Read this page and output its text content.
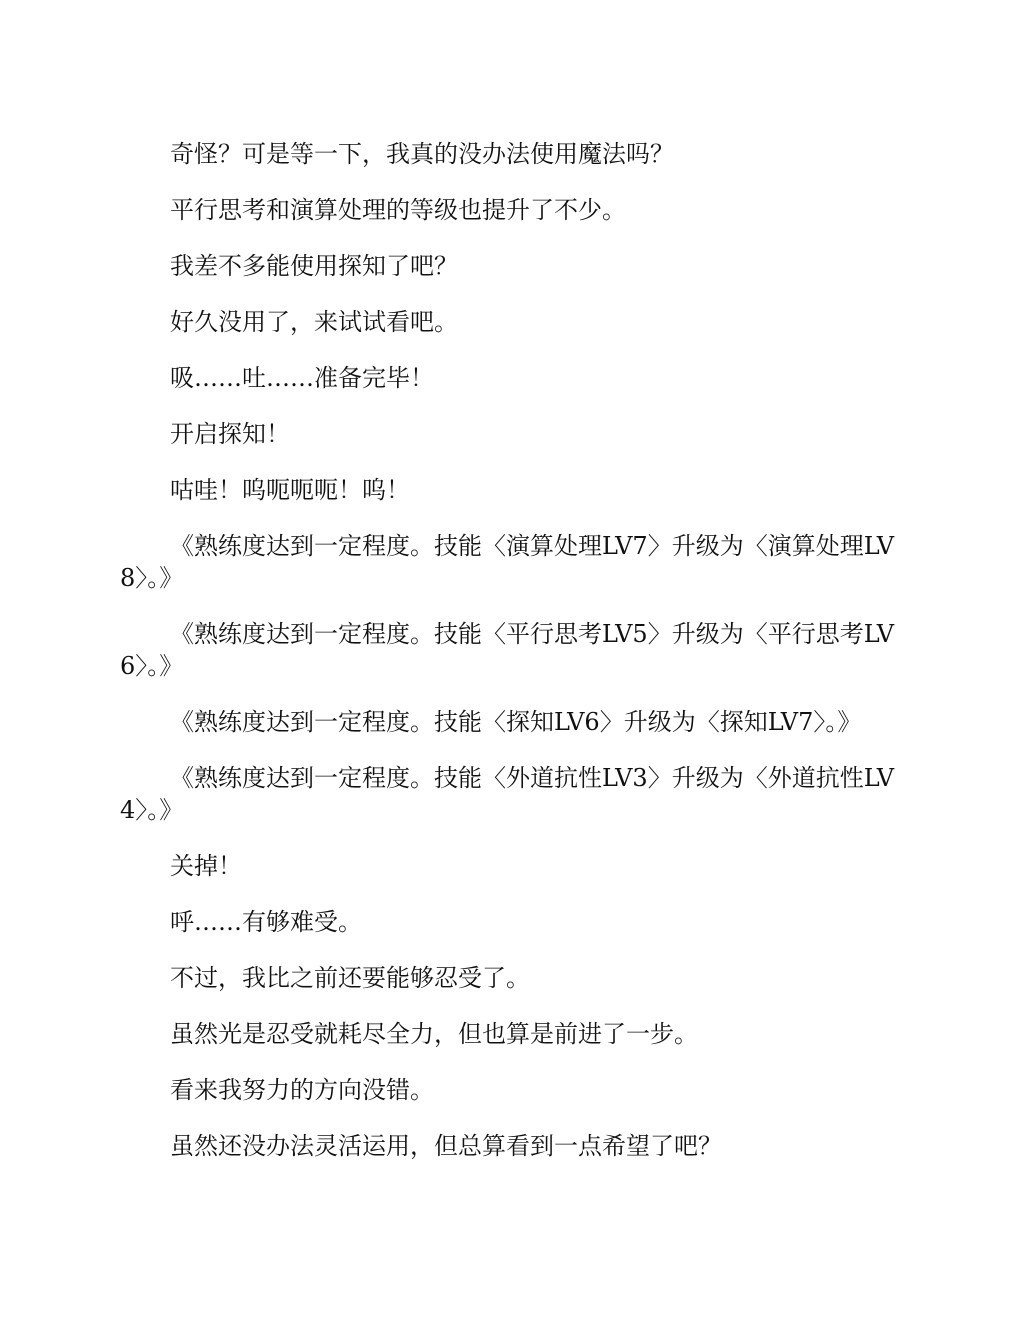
奇怪？可是等一下，我真的没办法使用魔法吗？

平行思考和演算处理的等级也提升了不少。

我差不多能使用探知了吧？

好久没用了，来试试看吧。

吸……吐……准备完毕！

开启探知！

咕哇！呜呃呃呃！呜！

《熟练度达到一定程度。技能〈演算处理LV7〉升级为〈演算处理LV8〉。》

《熟练度达到一定程度。技能〈平行思考LV5〉升级为〈平行思考LV6〉。》

《熟练度达到一定程度。技能〈探知LV6〉升级为〈探知LV7〉。》

《熟练度达到一定程度。技能〈外道抗性LV3〉升级为〈外道抗性LV4〉。》

关掉！

呼……有够难受。

不过，我比之前还要能够忍受了。

虽然光是忍受就耗尽全力，但也算是前进了一步。

看来我努力的方向没错。

虽然还没办法灵活运用，但总算看到一点希望了吧？
